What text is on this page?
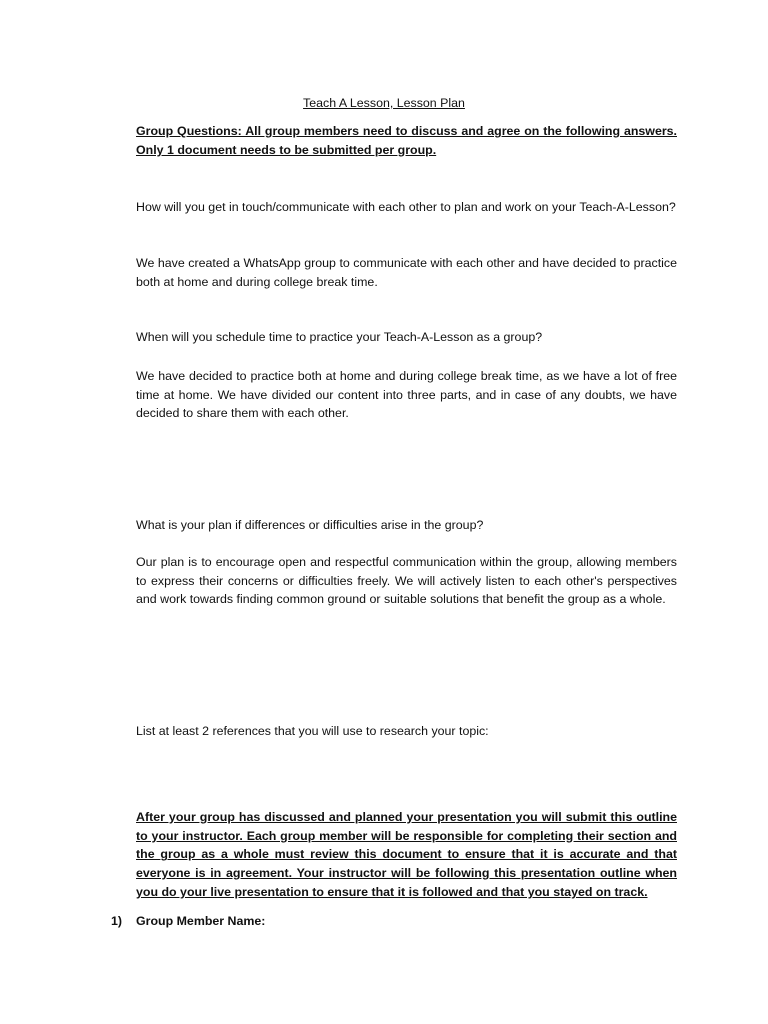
Teach A Lesson, Lesson Plan

Group Questions: All group members need to discuss and agree on the following answers. Only 1 document needs to be submitted per group.

How will you get in touch/communicate with each other to plan and work on your Teach-A-Lesson?

We have created a WhatsApp group to communicate with each other and have decided to practice both at home and during college break time.

When will you schedule time to practice your Teach-A-Lesson as a group?

We have decided to practice both at home and during college break time, as we have a lot of free time at home. We have divided our content into three parts, and in case of any doubts, we have decided to share them with each other.

What is your plan if differences or difficulties arise in the group?

Our plan is to encourage open and respectful communication within the group, allowing members to express their concerns or difficulties freely. We will actively listen to each other's perspectives and work towards finding common ground or suitable solutions that benefit the group as a whole.

List at least 2 references that you will use to research your topic:

After your group has discussed and planned your presentation you will submit this outline to your instructor. Each group member will be responsible for completing their section and the group as a whole must review this document to ensure that it is accurate and that everyone is in agreement. Your instructor will be following this presentation outline when you do your live presentation to ensure that it is followed and that you stayed on track.

1) Group Member Name:
